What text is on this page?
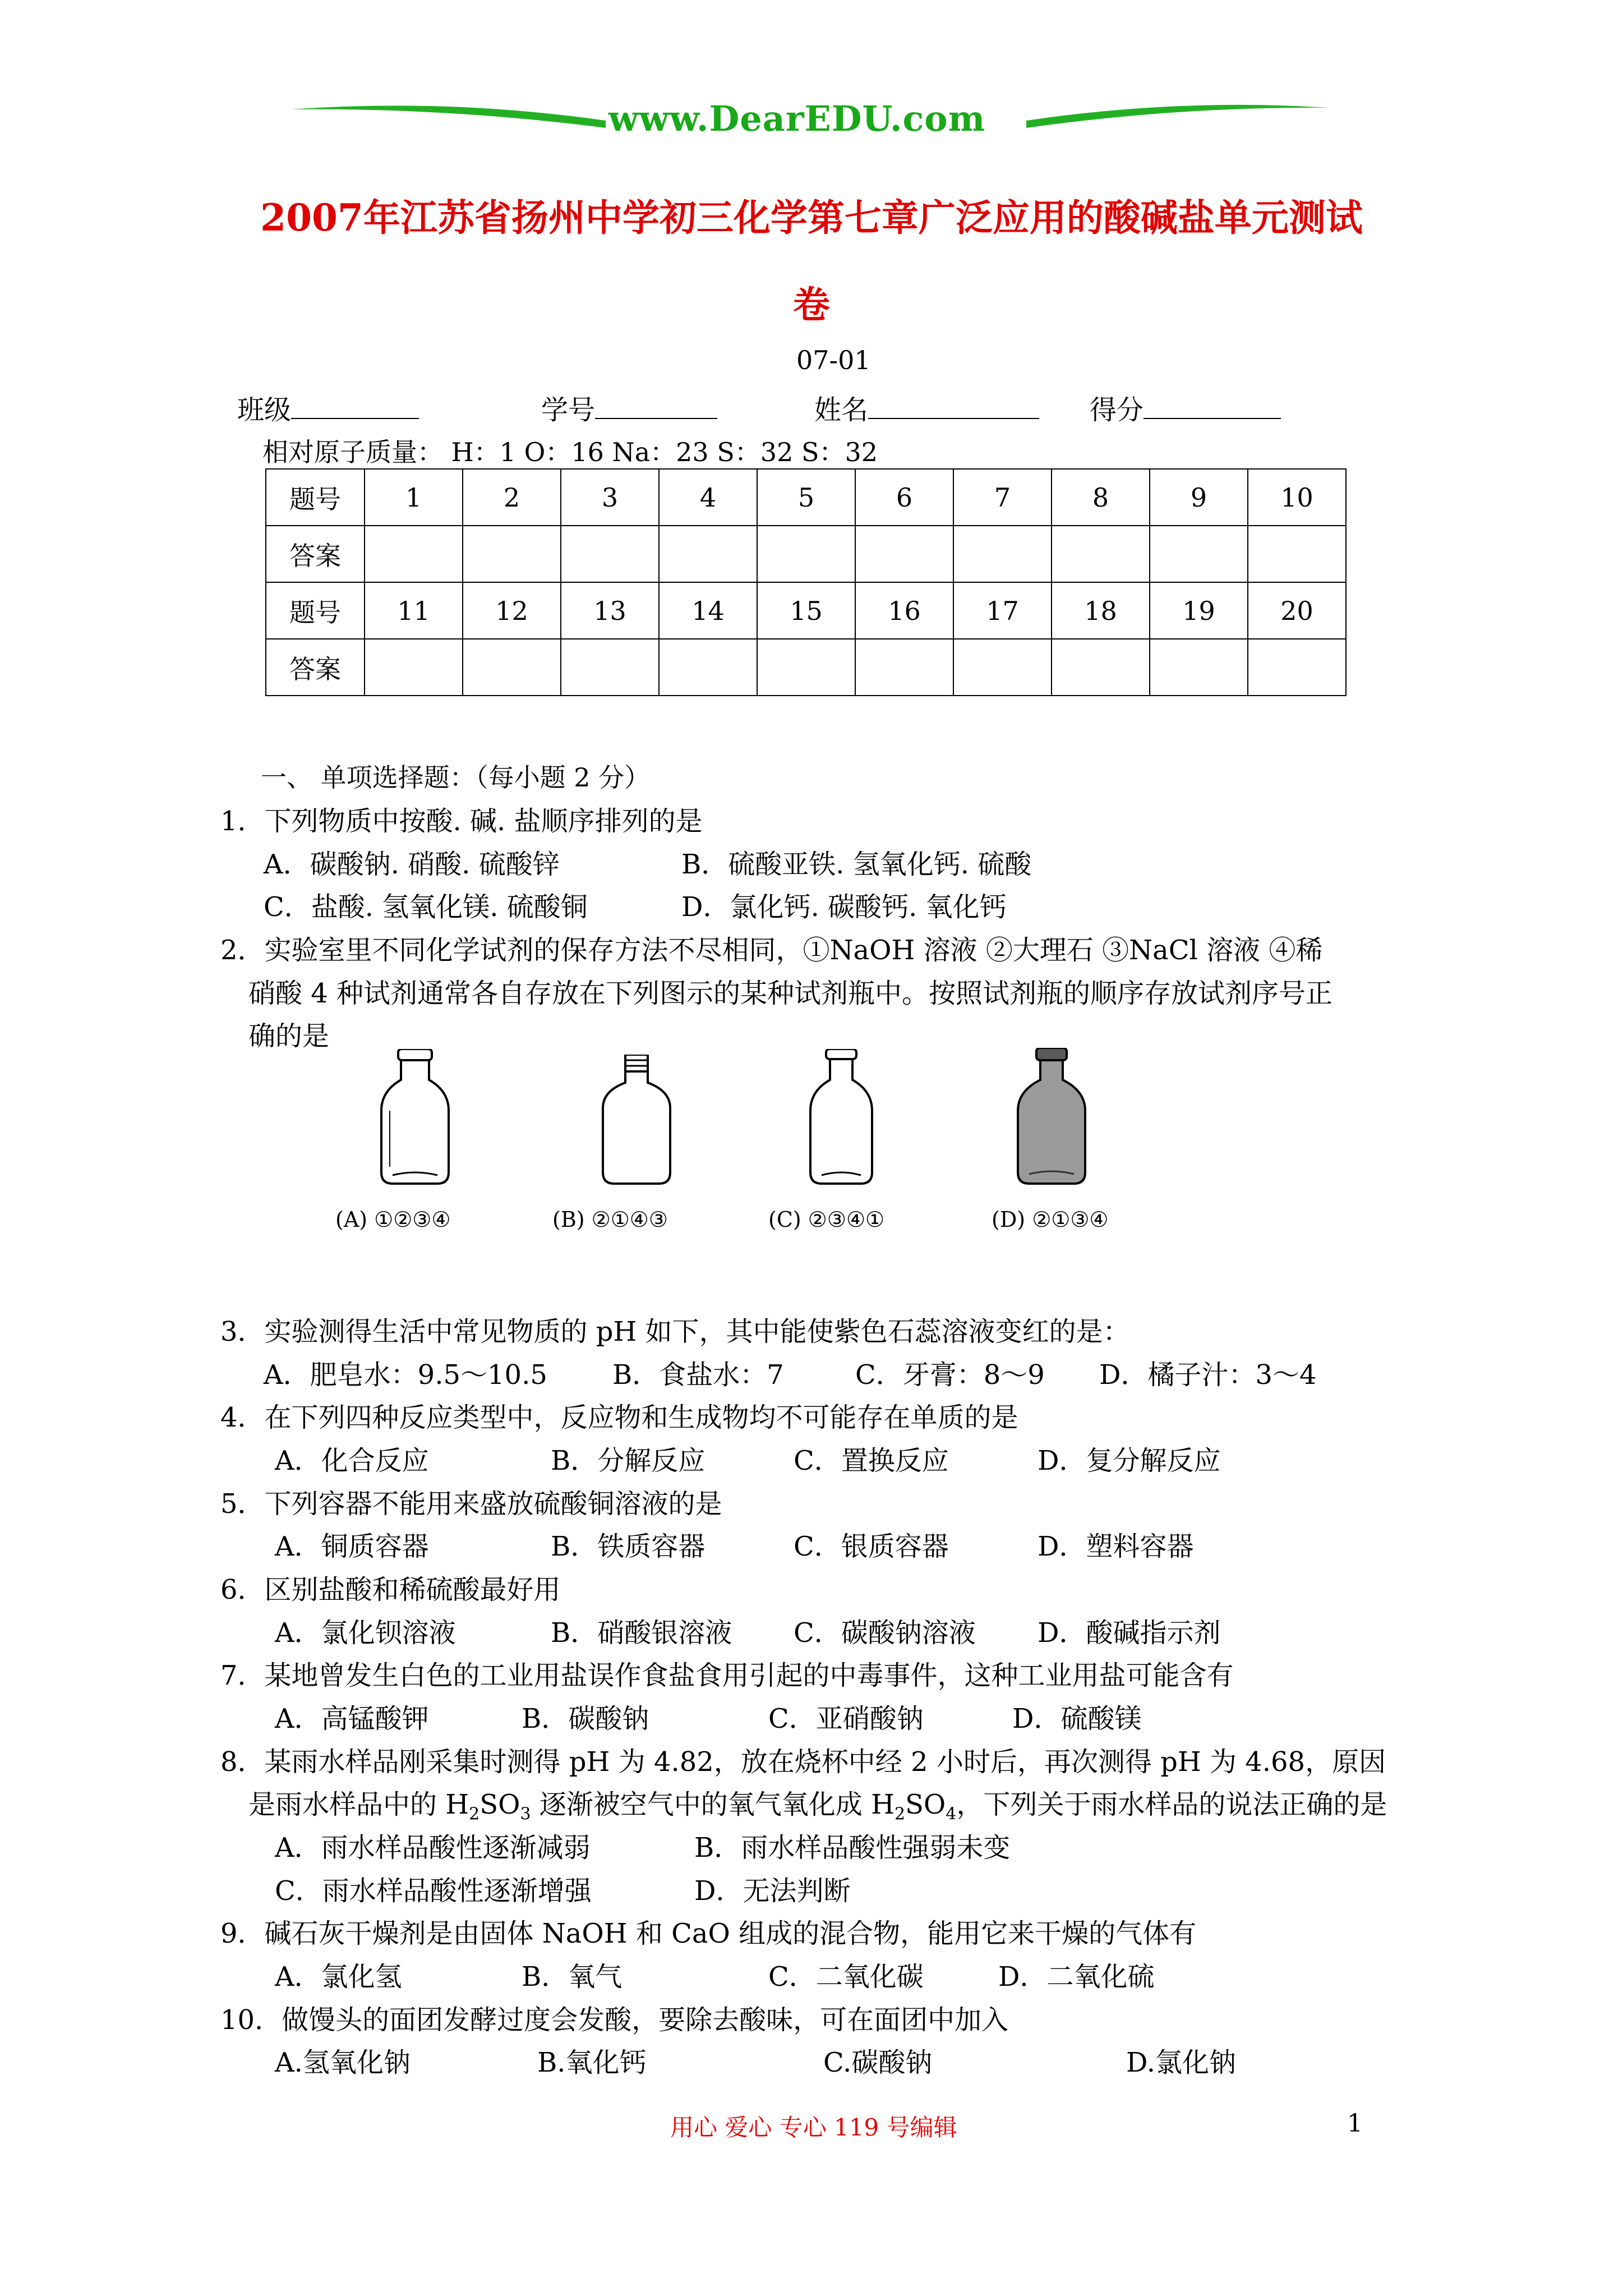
www.DearEDU.com
2007年江苏省扬州中学初三化学第七章广泛应用的酸碱盐单元测试
卷
07-01
班级	学号	姓名	得分
相对原子质量： H：1 O：16 Na：23 S：32 S：32
题号	1	2	3	4	5	6	7	8	9	10
答案										
题号	11	12	13	14	15	16	17	18	19	20
答案										
一、 单项选择题：（每小题 2 分）
1．下列物质中按酸. 碱. 盐顺序排列的是
A．碳酸钠. 硝酸. 硫酸锌	B．硫酸亚铁. 氢氧化钙. 硫酸
C．盐酸. 氢氧化镁. 硫酸铜	D．氯化钙. 碳酸钙. 氧化钙
2．实验室里不同化学试剂的保存方法不尽相同，①NaOH 溶液 ②大理石 ③NaCl 溶液 ④稀
硝酸 4 种试剂通常各自存放在下列图示的某种试剂瓶中。按照试剂瓶的顺序存放试剂序号正
确的是
(A) ①②③④	(B) ②①④③	(C) ②③④①	(D) ②①③④
3．实验测得生活中常见物质的 pH 如下，其中能使紫色石蕊溶液变红的是：
A．肥皂水：9.5～10.5 B．食盐水：7	C．牙膏：8～9 D．橘子汁：3～4
4．在下列四种反应类型中，反应物和生成物均不可能存在单质的是
A．化合反应	B．分解反应	C．置换反应	D．复分解反应
5．下列容器不能用来盛放硫酸铜溶液的是
A．铜质容器	B．铁质容器	C．银质容器	D．塑料容器
6．区别盐酸和稀硫酸最好用
A．氯化钡溶液	B．硝酸银溶液 C．碳酸钠溶液 D．酸碱指示剂
7．某地曾发生白色的工业用盐误作食盐食用引起的中毒事件，这种工业用盐可能含有
A．高锰酸钾	B．碳酸钠	C．亚硝酸钠	D．硫酸镁
8．某雨水样品刚采集时测得 pH 为 4.82，放在烧杯中经 2 小时后，再次测得 pH 为 4.68，原因
是雨水样品中的 $H_2SO_3$ 逐渐被空气中的氧气氧化成 $H_2SO_4$，下列关于雨水样品的说法正确的是
A．雨水样品酸性逐渐减弱	B．雨水样品酸性强弱未变
C．雨水样品酸性逐渐增强	D．无法判断
9．碱石灰干燥剂是由固体 NaOH 和 CaO 组成的混合物，能用它来干燥的气体有
A．氯化氢	B．氧气	C．二氧化碳	D．二氧化硫
10．做馒头的面团发酵过度会发酸，要除去酸味，可在面团中加入
A.氢氧化钠	B.氧化钙	C.碳酸钠	D.氯化钠
用心 爱心 专心 119 号编辑	1
